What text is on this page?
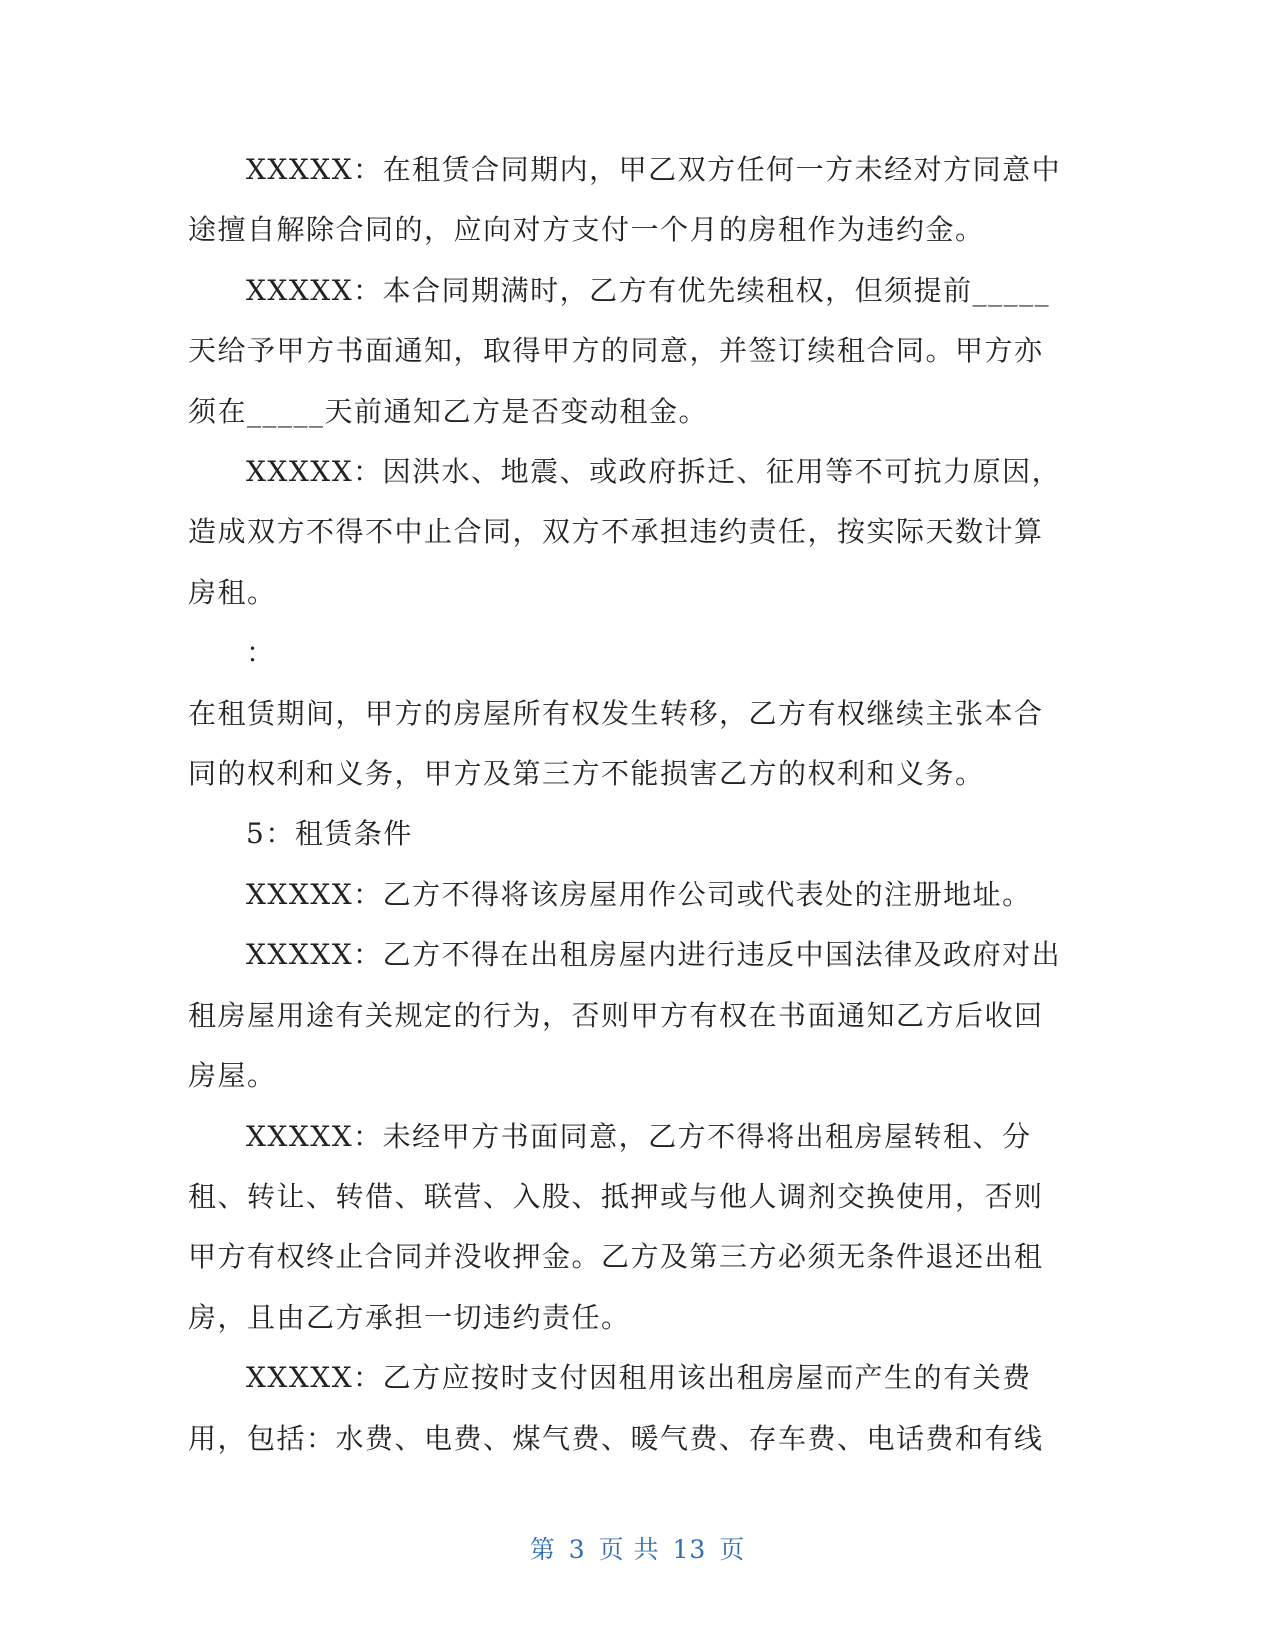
XXXXX：在租赁合同期内，甲乙双方任何一方未经对方同意中途擅自解除合同的，应向对方支付一个月的房租作为违约金。

XXXXX：本合同期满时，乙方有优先续租权，但须提前_____天给予甲方书面通知，取得甲方的同意，并签订续租合同。甲方亦须在_____天前通知乙方是否变动租金。

XXXXX：因洪水、地震、或政府拆迁、征用等不可抗力原因，造成双方不得不中止合同，双方不承担违约责任，按实际天数计算房租。

：

在租赁期间，甲方的房屋所有权发生转移，乙方有权继续主张本合同的权利和义务，甲方及第三方不能损害乙方的权利和义务。

5：租赁条件

XXXXX：乙方不得将该房屋用作公司或代表处的注册地址。

XXXXX：乙方不得在出租房屋内进行违反中国法律及政府对出租房屋用途有关规定的行为，否则甲方有权在书面通知乙方后收回房屋。

XXXXX：未经甲方书面同意，乙方不得将出租房屋转租、分租、转让、转借、联营、入股、抵押或与他人调剂交换使用，否则甲方有权终止合同并没收押金。乙方及第三方必须无条件退还出租房，且由乙方承担一切违约责任。

XXXXX：乙方应按时支付因租用该出租房屋而产生的有关费用，包括：水费、电费、煤气费、暖气费、存车费、电话费和有线

第 3 页 共 13 页
